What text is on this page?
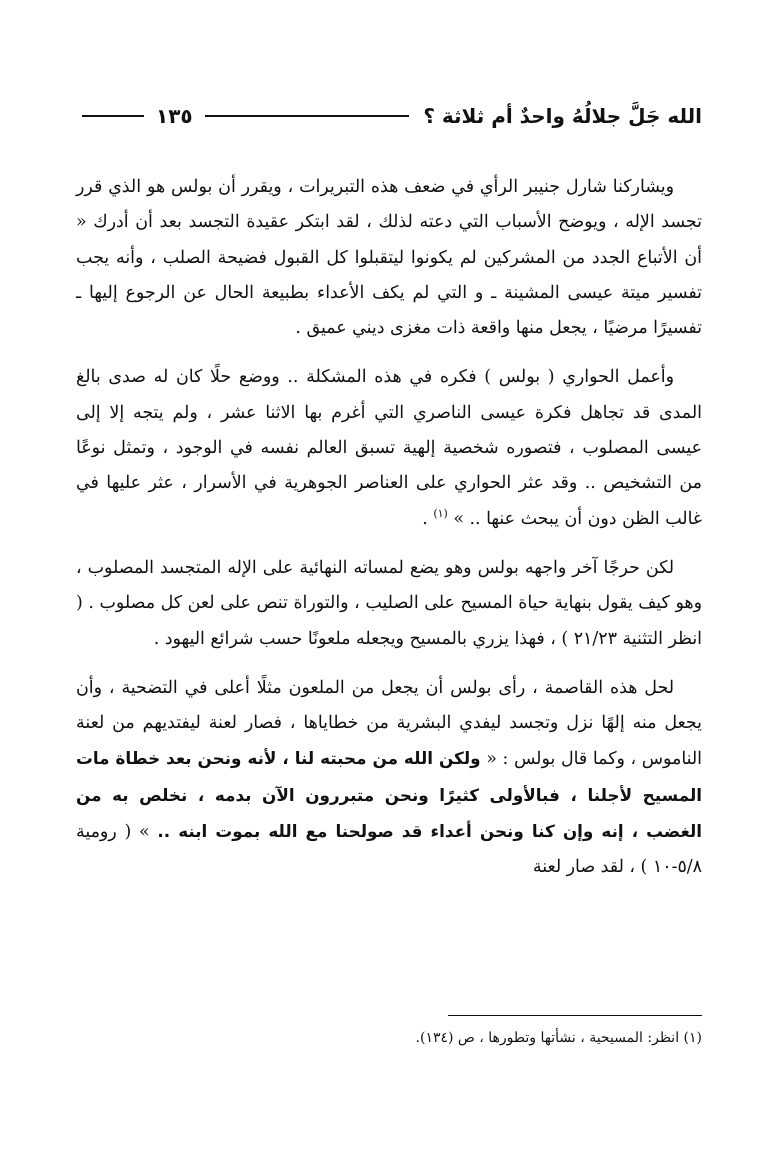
الله جَلَّ جلالُهُ واحدٌ أم ثلاثة ؟
١٣٥

ويشاركنا شارل جنيبر الرأي في ضعف هذه التبريرات ، ويقرر أن بولس هو الذي قرر تجسد الإله ، ويوضح الأسباب التي دعته لذلك ، لقد ابتكر عقيدة التجسد بعد أن أدرك « أن الأتباع الجدد من المشركين لم يكونوا ليتقبلوا كل القبول فضيحة الصلب ، وأنه يجب تفسير ميتة عيسى المشينة ـ و التي لم يكف الأعداء بطبيعة الحال عن الرجوع إليها ـ تفسيرًا مرضيًا ، يجعل منها واقعة ذات مغزى ديني عميق .

وأعمل الحواري ( بولس ) فكره في هذه المشكلة .. ووضع حلًا كان له صدى بالغ المدى قد تجاهل فكرة عيسى الناصري التي أغرم بها الاثنا عشر ، ولم يتجه إلا إلى عيسى المصلوب ، فتصوره شخصية إلهية تسبق العالم نفسه في الوجود ، وتمثل نوعًا من التشخيص .. وقد عثر الحواري على العناصر الجوهرية في الأسرار ، عثر عليها في غالب الظن دون أن يبحث عنها .. » $^{(١)}$ .

لكن حرجًا آخر واجهه بولس وهو يضع لمساته النهائية على الإله المتجسد المصلوب ، وهو كيف يقول بنهاية حياة المسيح على الصليب ، والتوراة تنص على لعن كل مصلوب . ( انظر التثنية ٢١/٢٣ ) ، فهذا يزري بالمسيح ويجعله ملعونًا حسب شرائع اليهود .

لحل هذه القاصمة ، رأى بولس أن يجعل من الملعون مثلًا أعلى في التضحية ، وأن يجعل منه إلهًا نزل وتجسد ليفدي البشرية من خطاياها ، فصار لعنة ليفتديهم من لعنة الناموس ، وكما قال بولس : « ولكن الله من محبته لنا ، لأنه ونحن بعد خطاة مات المسيح لأجلنا ، فبالأولى كثيرًا ونحن متبررون الآن بدمه ، نخلص به من الغضب ، إنه وإن كنا ونحن أعداء قد صولحنا مع الله بموت ابنه .. » ( رومية ٥/٨-١٠ ) ، لقد صار لعنة

(١) انظر: المسيحية ، نشأتها وتطورها ، ص (١٣٤).
